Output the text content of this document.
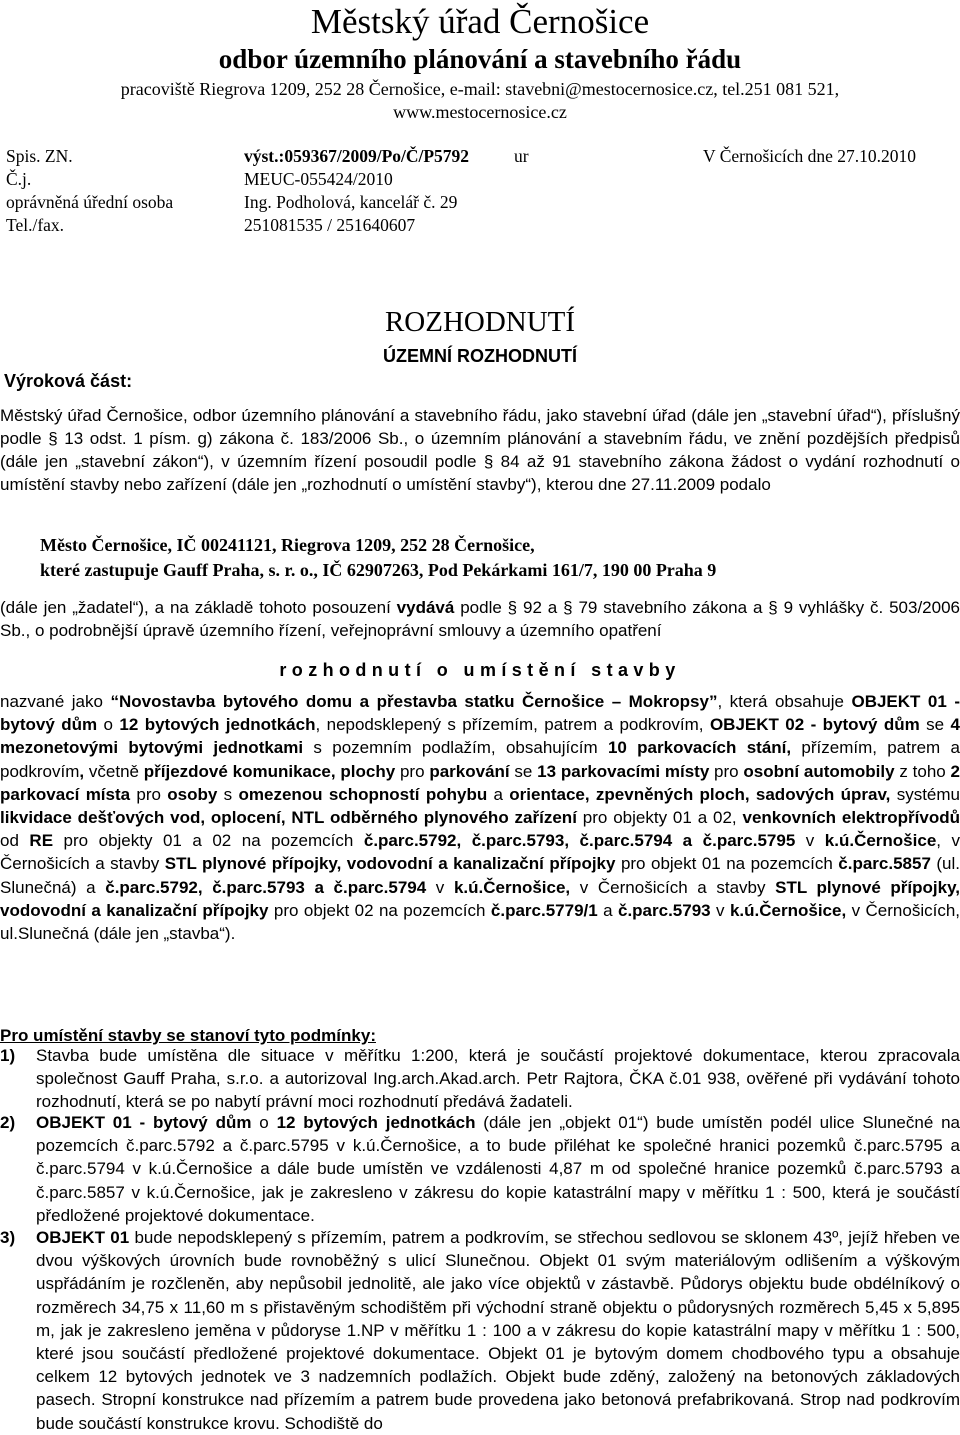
Městský úřad Černošice
odbor územního plánování a stavebního řádu
pracoviště Riegrova 1209, 252 28 Černošice, e-mail: stavebni@mestocernosice.cz, tel.251 081 521,
www.mestocernosice.cz
Spis. ZN.	výst.:059367/2009/Po/Č/P5792	ur	V Černošicích dne 27.10.2010
Č.j.	MEUC-055424/2010
oprávněná úřední osoba	Ing. Podholová, kancelář č. 29
Tel./fax.	251081535 / 251640607
ROZHODNUTÍ
ÚZEMNÍ ROZHODNUTÍ
Výroková část:
Městský úřad Černošice, odbor územního plánování a stavebního řádu, jako stavební úřad (dále jen „stavební úřad“), příslušný podle § 13 odst. 1 písm. g) zákona č. 183/2006 Sb., o územním plánování a stavebním řádu, ve znění pozdějších předpisů (dále jen „stavební zákon“), v územním řízení posoudil podle § 84 až 91 stavebního zákona žádost o vydání rozhodnutí o umístění stavby nebo zařízení (dále jen „rozhodnutí o umístění stavby“), kterou dne 27.11.2009 podalo
Město Černošice, IČ 00241121, Riegrova 1209, 252 28 Černošice,
které zastupuje Gauff Praha, s. r. o., IČ 62907263, Pod Pekárkami 161/7, 190 00 Praha 9
(dále jen „žadatel“), a na základě tohoto posouzení vydává podle § 92 a § 79 stavebního zákona a § 9 vyhlášky č. 503/2006 Sb., o podrobnější úpravě územního řízení, veřejnoprávní smlouvy a územního opatření
rozhodnutí o umístění stavby
nazvané jako “Novostavba bytového domu a přestavba statku Černošice – Mokropsy”, která obsahuje OBJEKT 01 - bytový dům o 12 bytových jednotkách, nepodsklepený s přízemím, patrem a podkrovím, OBJEKT 02 - bytový dům se 4 mezonetovými bytovými jednotkami s pozemním podlažím, obsahujícím 10 parkovacích stání, přízemím, patrem a podkrovím, včetně příjezdové komunikace, plochy pro parkování se 13 parkovacími místy pro osobní automobily z toho 2 parkovací místa pro osoby s omezenou schopností pohybu a orientace, zpevněných ploch, sadových úprav, systému likvidace dešťových vod, oplocení, NTL odběrného plynového zařízení pro objekty 01 a 02, venkovních elektropřívodů od RE pro objekty 01 a 02 na pozemcích č.parc.5792, č.parc.5793, č.parc.5794 a č.parc.5795 v k.ú.Černošice, v Černošicích a stavby STL plynové přípojky, vodovodní a kanalizační přípojky pro objekt 01 na pozemcích č.parc.5857 (ul. Slunečná) a č.parc.5792, č.parc.5793 a č.parc.5794 v k.ú.Černošice, v Černošicích a stavby STL plynové přípojky, vodovodní a kanalizační přípojky pro objekt 02 na pozemcích č.parc.5779/1 a č.parc.5793 v k.ú.Černošice, v Černošicích, ul.Slunečná (dále jen „stavba“).
Pro umístění stavby se stanoví tyto podmínky:
1) Stavba bude umístěna dle situace v měřítku 1:200, která je součástí projektové dokumentace, kterou zpracovala společnost Gauff Praha, s.r.o. a autorizoval Ing.arch.Akad.arch. Petr Rajtora, ČKA č.01 938, ověřené při vydávání tohoto rozhodnutí, která se po nabytí právní moci rozhodnutí předává žadateli.
2) OBJEKT 01 - bytový dům o 12 bytových jednotkách (dále jen „objekt 01“) bude umístěn podél ulice Slunečné na pozemcích č.parc.5792 a č.parc.5795 v k.ú.Černošice, a to bude přiléhat ke společné hranici pozemků č.parc.5795 a č.parc.5794 v k.ú.Černošice a dále bude umístěn ve vzdálenosti 4,87 m od společné hranice pozemků č.parc.5793 a č.parc.5857 v k.ú.Černošice, jak je zakresleno v zákresu do kopie katastrální mapy v měřítku 1 : 500, která je součástí předložené projektové dokumentace.
3) OBJEKT 01 bude nepodsklepený s přízemím, patrem a podkrovím, se střechou sedlovou se sklonem 43º, jejíž hřeben ve dvou výškových úrovních bude rovnoběžný s ulicí Slunečnou. Objekt 01 svým materiálovým odlišením a výškovým uspřádáním je rozčleněn, aby nepůsobil jednolitě, ale jako více objektů v zástavbě. Půdorys objektu bude obdélníkový o rozměrech 34,75 x 11,60 m s přistavěným schodištěm při východní straně objektu o půdorysných rozměrech 5,45 x 5,895 m, jak je zakresleno jeměna v půdoryse 1.NP v měřítku 1 : 100 a v zákresu do kopie katastrální mapy v měřítku 1 : 500, které jsou součástí předložené projektové dokumentace. Objekt 01 je bytovým domem chodbového typu a obsahuje celkem 12 bytových jednotek ve 3 nadzemních podlažích. Objekt bude zděný, založený na betonových základových pasech. Stropní konstrukce nad přízemím a patrem bude provedena jako betonová prefabrikovaná. Strop nad podkrovím bude součástí konstrukce krovu. Schodiště do
